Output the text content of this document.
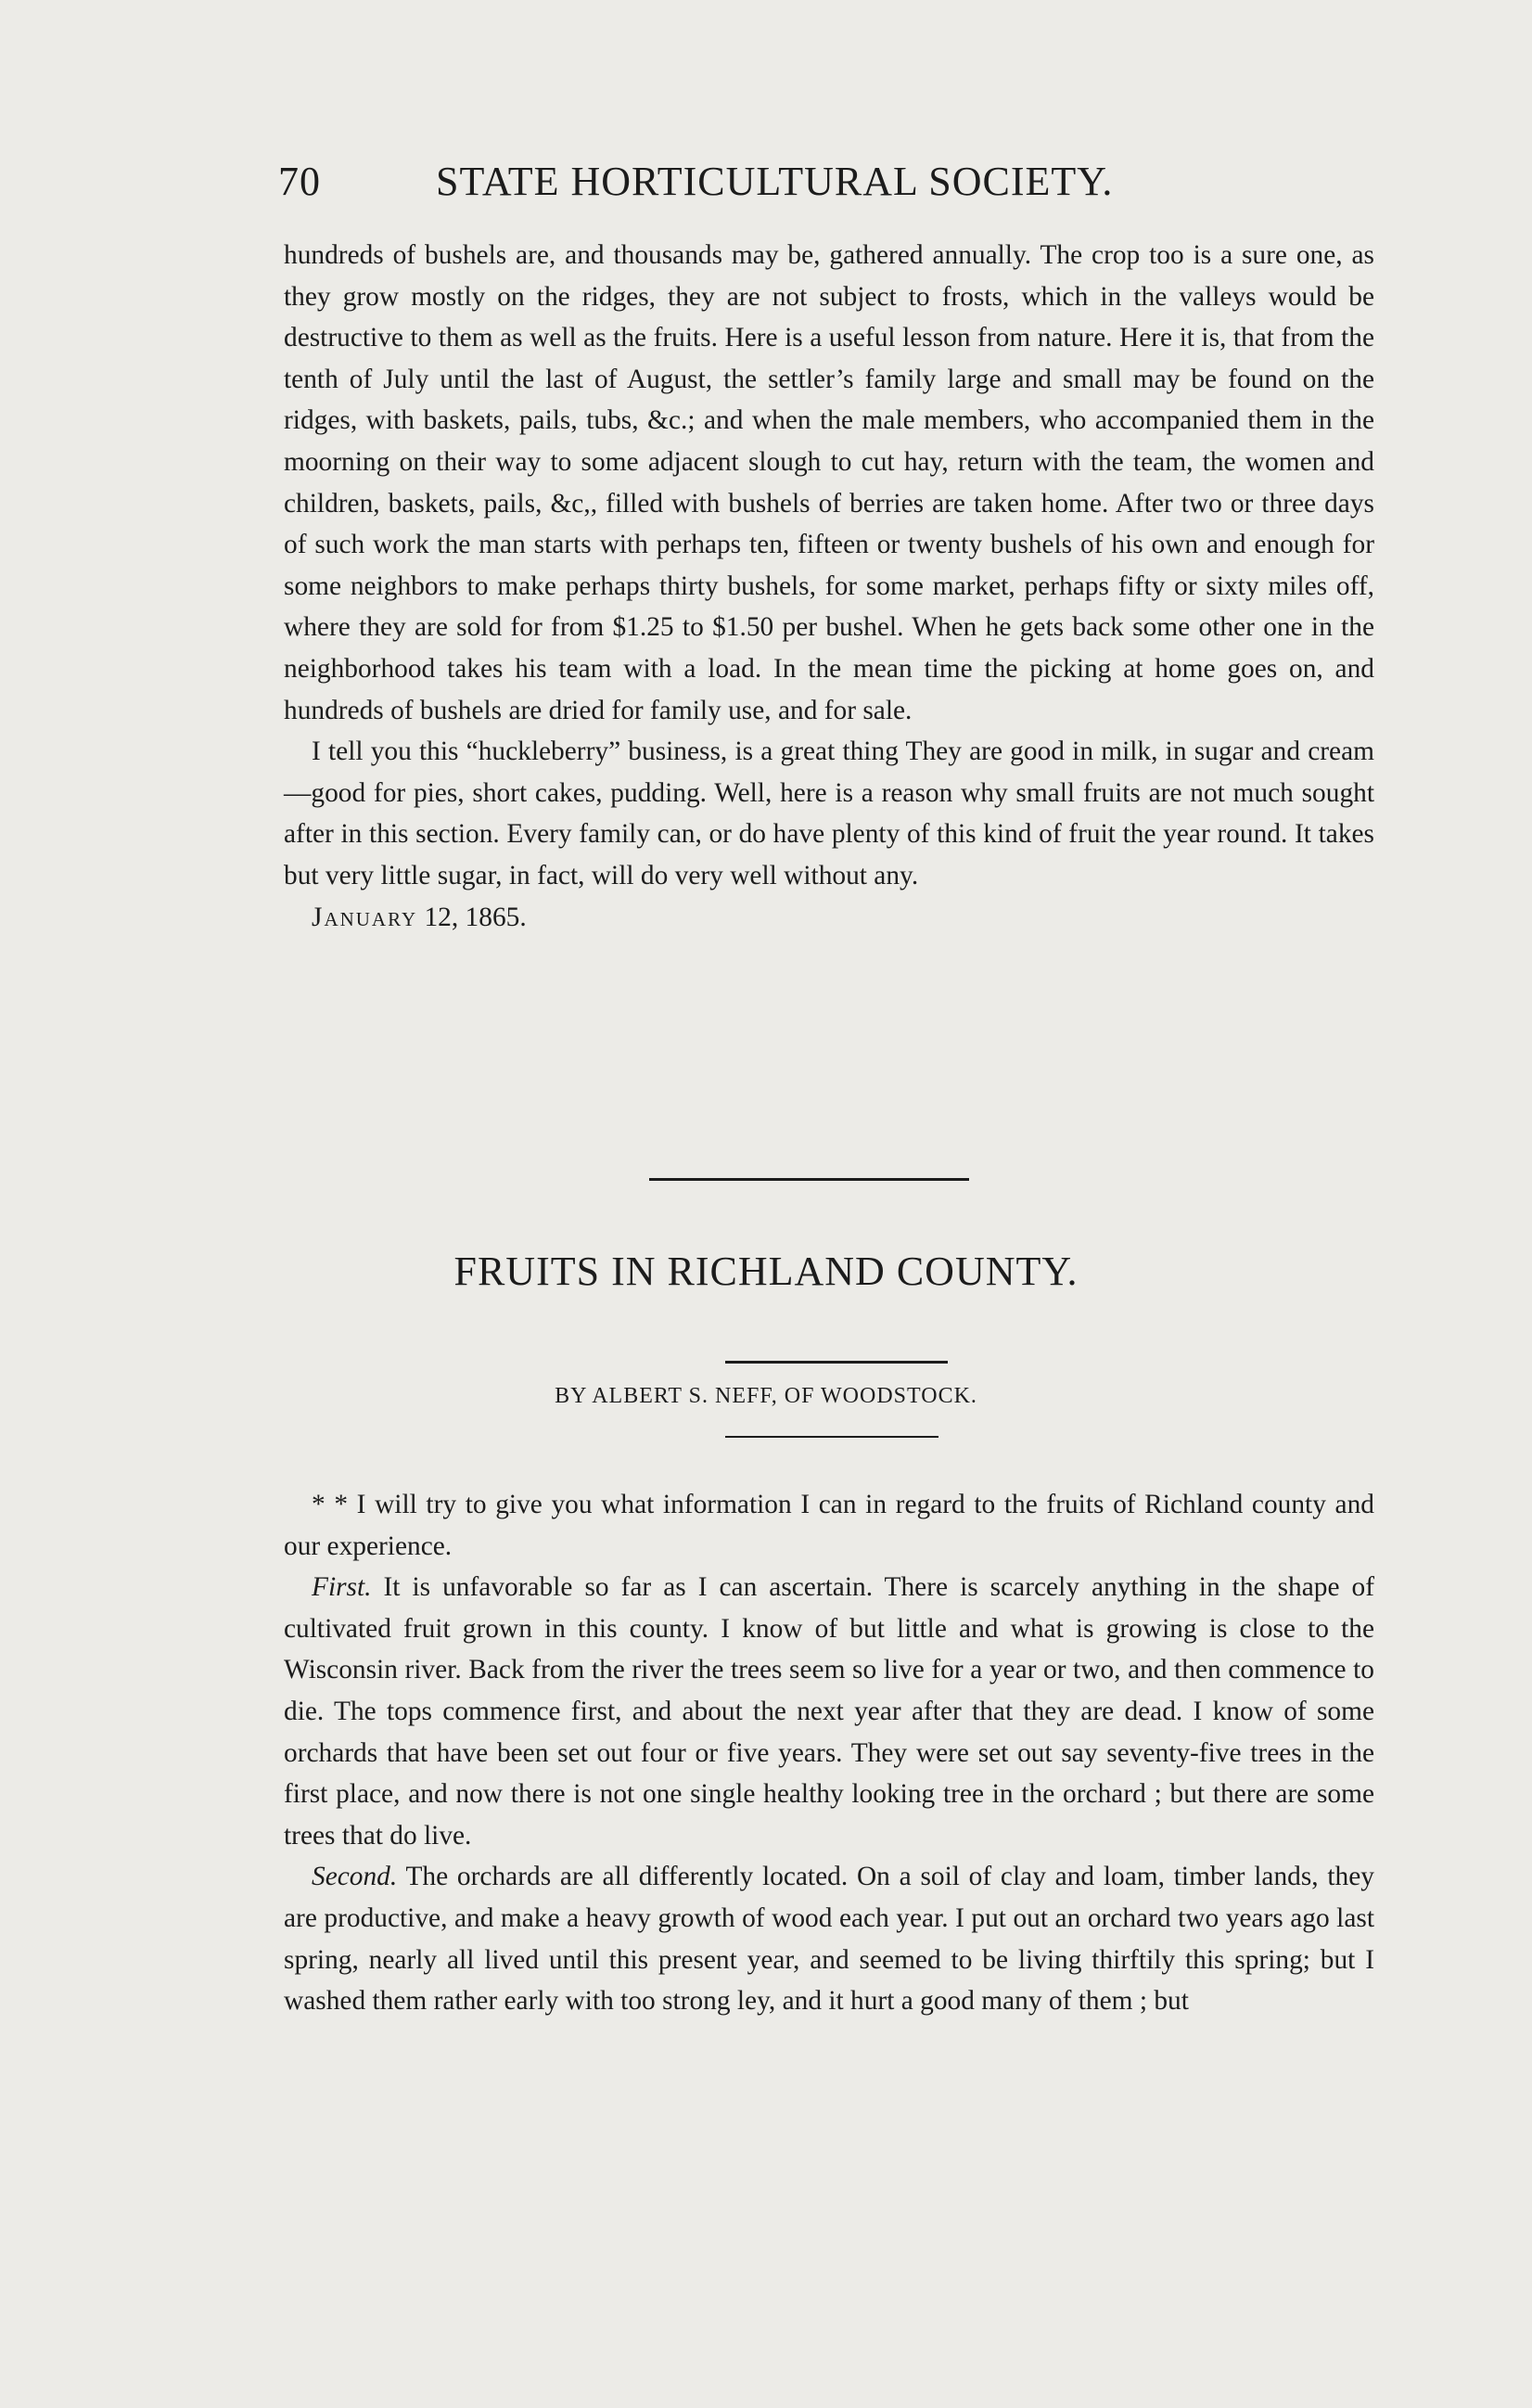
70	STATE HORTICULTURAL SOCIETY.

hundreds of bushels are, and thousands may be, gathered annually. The crop too is a sure one, as they grow mostly on the ridges, they are not subject to frosts, which in the valleys would be destructive to them as well as the fruits. Here is a useful lesson from nature. Here it is, that from the tenth of July until the last of August, the settler’s family large and small may be found on the ridges, with baskets, pails, tubs, &c.; and when the male members, who accompanied them in the moorning on their way to some adjacent slough to cut hay, return with the team, the women and children, baskets, pails, &c,, filled with bushels of berries are taken home. After two or three days of such work the man starts with perhaps ten, fifteen or twenty bushels of his own and enough for some neighbors to make perhaps thirty bushels, for some market, perhaps fifty or sixty miles off, where they are sold for from $1.25 to $1.50 per bushel. When he gets back some other one in the neighborhood takes his team with a load. In the mean time the picking at home goes on, and hundreds of bushels are dried for family use, and for sale.

I tell you this “huckleberry” business, is a great thing They are good in milk, in sugar and cream—good for pies, short cakes, pudding. Well, here is a reason why small fruits are not much sought after in this section. Every family can, or do have plenty of this kind of fruit the year round. It takes but very little sugar, in fact, will do very well without any.

January 12, 1865.

FRUITS IN RICHLAND COUNTY.
BY ALBERT S. NEFF, OF WOODSTOCK.

* * I will try to give you what information I can in regard to the fruits of Richland county and our experience.

First. It is unfavorable so far as I can ascertain. There is scarcely anything in the shape of cultivated fruit grown in this county. I know of but little and what is growing is close to the Wisconsin river. Back from the river the trees seem so live for a year or two, and then commence to die. The tops commence first, and about the next year after that they are dead. I know of some orchards that have been set out four or five years. They were set out say seventy-five trees in the first place, and now there is not one single healthy looking tree in the orchard ; but there are some trees that do live.

Second. The orchards are all differently located. On a soil of clay and loam, timber lands, they are productive, and make a heavy growth of wood each year. I put out an orchard two years ago last spring, nearly all lived until this present year, and seemed to be living thirftily this spring; but I washed them rather early with too strong ley, and it hurt a good many of them ; but
